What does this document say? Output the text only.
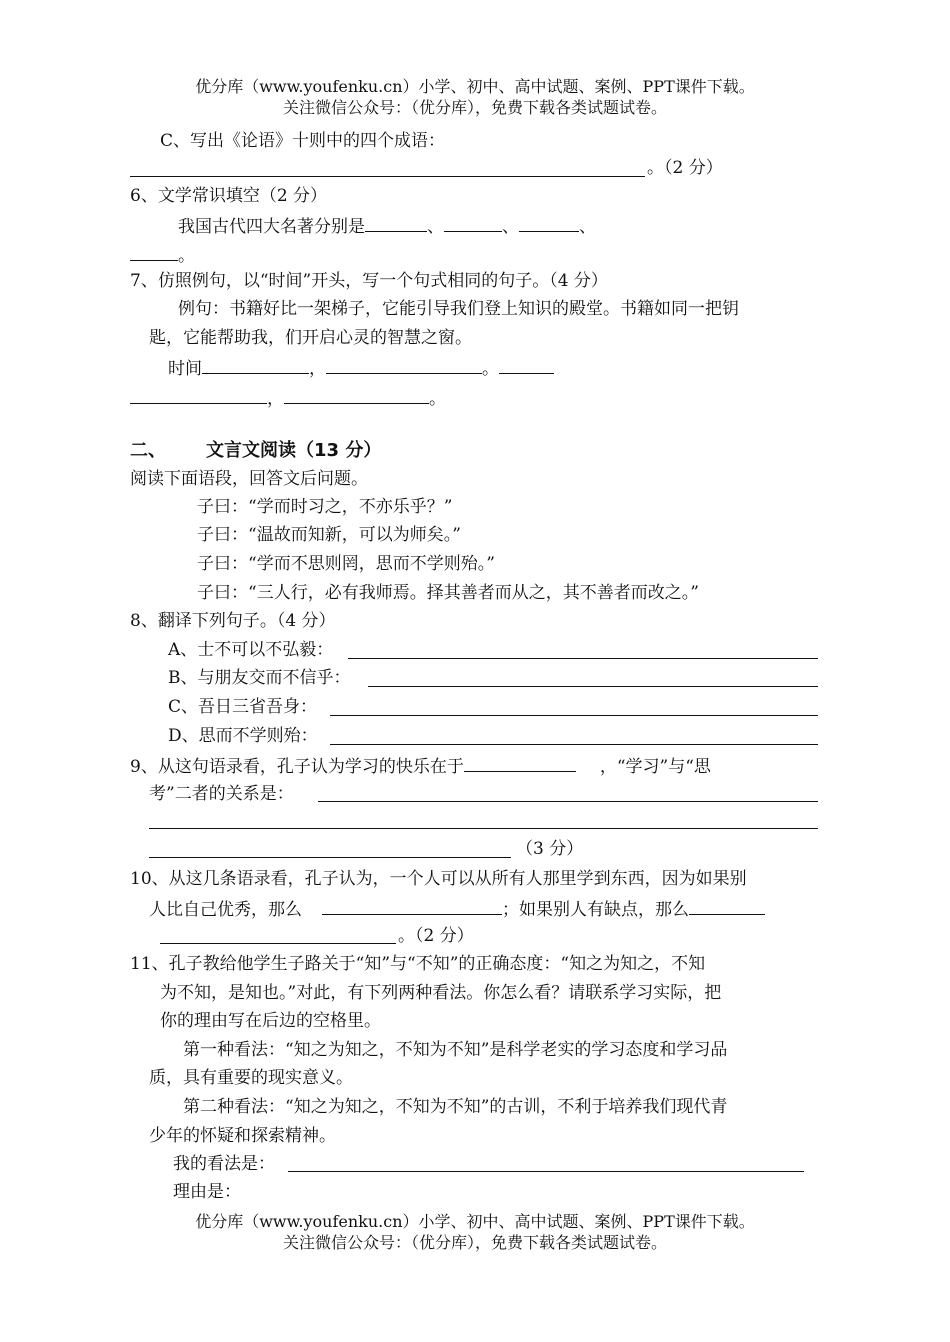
优分库（www.youfenku.cn）小学、初中、高中试题、案例、PPT课件下载。
关注微信公众号：（优分库），免费下载各类试题试卷。
C、写出《论语》十则中的四个成语：
。（2 分）
6、文学常识填空（2 分）
我国古代四大名著分别是	、	、	、
。
7、仿照例句，以“时间”开头，写一个句式相同的句子。（4 分）
例句：书籍好比一架梯子，它能引导我们登上知识的殿堂。书籍如同一把钥
匙，它能帮助我，们开启心灵的智慧之窗。
时间	，	。
，	。
二、 文言文阅读（13 分）
阅读下面语段，回答文后问题。
子曰：“学而时习之，不亦乐乎？”
子曰：“温故而知新，可以为师矣。”
子曰：“学而不思则罔，思而不学则殆。”
子曰：“三人行，必有我师焉。择其善者而从之，其不善者而改之。”
8、翻译下列句子。（4 分）
A、士不可以不弘毅：
B、与朋友交而不信乎：
C、吾日三省吾身：
D、思而不学则殆：
9、从这句语录看，孔子认为学习的快乐在于	，“学习”与“思
考”二者的关系是：
（3 分）
10、从这几条语录看，孔子认为，一个人可以从所有人那里学到东西，因为如果别
人比自己优秀，那么	；如果别人有缺点，那么
。（2 分）
11、孔子教给他学生子路关于“知”与“不知”的正确态度：“知之为知之，不知
为不知，是知也。”对此，有下列两种看法。你怎么看？请联系学习实际，把
你的理由写在后边的空格里。
第一种看法：“知之为知之，不知为不知”是科学老实的学习态度和学习品
质，具有重要的现实意义。
第二种看法：“知之为知之，不知为不知”的古训，不利于培养我们现代青
少年的怀疑和探索精神。
我的看法是：
理由是：
优分库（www.youfenku.cn）小学、初中、高中试题、案例、PPT课件下载。
关注微信公众号：（优分库），免费下载各类试题试卷。
